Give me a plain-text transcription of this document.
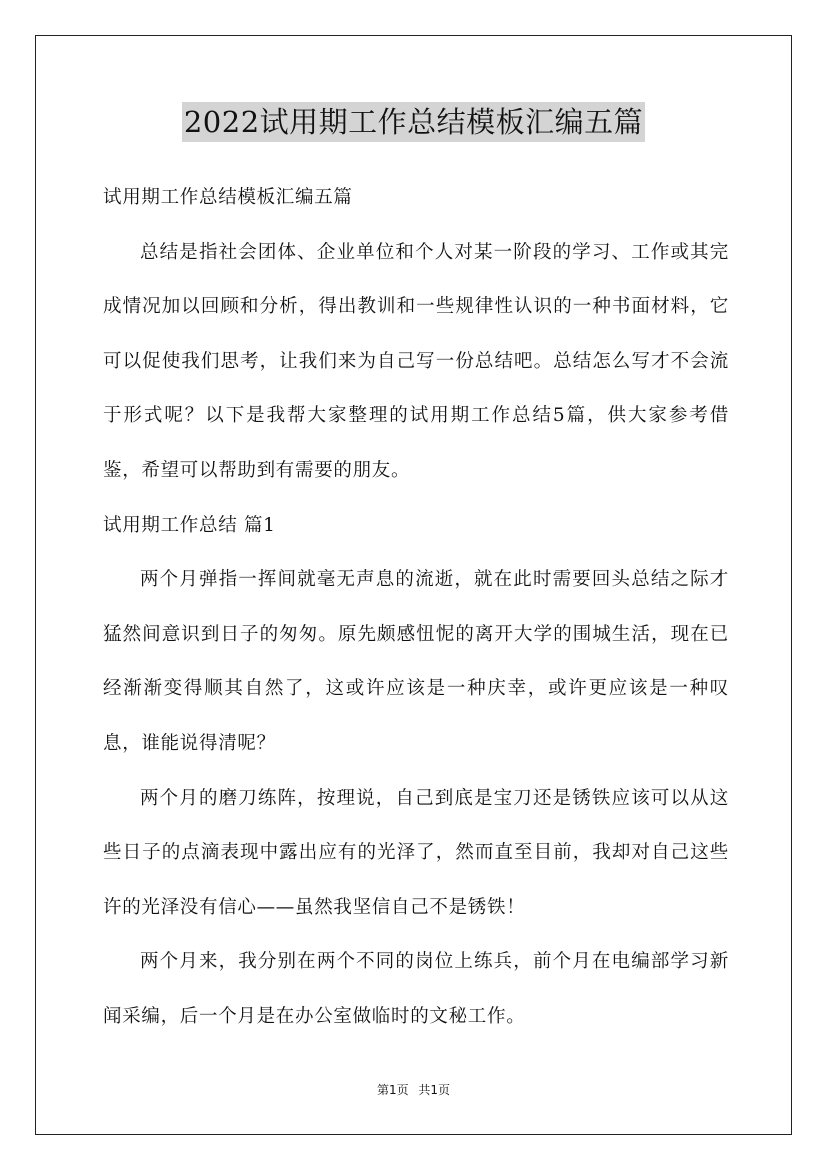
2022试用期工作总结模板汇编五篇

试用期工作总结模板汇编五篇

总结是指社会团体、企业单位和个人对某一阶段的学习、工作或其完成情况加以回顾和分析，得出教训和一些规律性认识的一种书面材料，它可以促使我们思考，让我们来为自己写一份总结吧。总结怎么写才不会流于形式呢？以下是我帮大家整理的试用期工作总结5篇，供大家参考借鉴，希望可以帮助到有需要的朋友。

试用期工作总结 篇1

两个月弹指一挥间就毫无声息的流逝，就在此时需要回头总结之际才猛然间意识到日子的匆匆。原先颇感忸怩的离开大学的围城生活，现在已经渐渐变得顺其自然了，这或许应该是一种庆幸，或许更应该是一种叹息，谁能说得清呢？

两个月的磨刀练阵，按理说，自己到底是宝刀还是锈铁应该可以从这些日子的点滴表现中露出应有的光泽了，然而直至目前，我却对自己这些许的光泽没有信心——虽然我坚信自己不是锈铁！

两个月来，我分别在两个不同的岗位上练兵，前个月在电编部学习新闻采编，后一个月是在办公室做临时的文秘工作。

第1页 共1页
